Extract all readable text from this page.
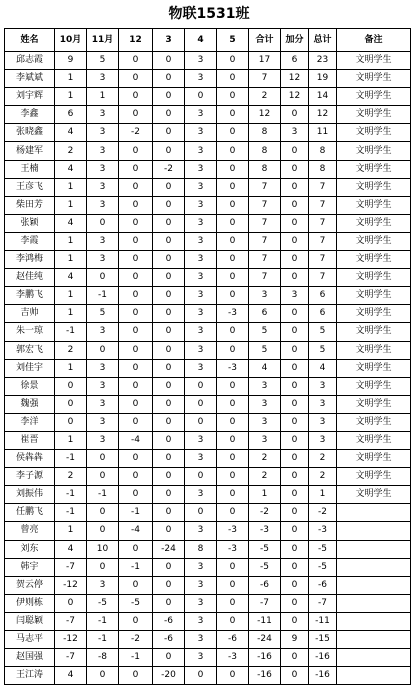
物联1531班
姓名	10月	11月	12	3	4	5	合计	加分	总计	备注
邱志霞	9	5	0	0	3	0	17	6	23	文明学生
李斌斌	1	3	0	0	3	0	7	12	19	文明学生
刘宇辉	1	1	0	0	0	0	2	12	14	文明学生
李鑫	6	3	0	0	3	0	12	0	12	文明学生
张晓鑫	4	3	-2	0	3	0	8	3	11	文明学生
杨建军	2	3	0	0	3	0	8	0	8	文明学生
王楠	4	3	0	-2	3	0	8	0	8	文明学生
王彦飞	1	3	0	0	3	0	7	0	7	文明学生
柴田芳	1	3	0	0	3	0	7	0	7	文明学生
张颖	4	0	0	0	3	0	7	0	7	文明学生
李霞	1	3	0	0	3	0	7	0	7	文明学生
李鸿梅	1	3	0	0	3	0	7	0	7	文明学生
赵佳纯	4	0	0	0	3	0	7	0	7	文明学生
李鹏飞	1	-1	0	0	3	0	3	3	6	文明学生
吉帅	1	5	0	0	3	-3	6	0	6	文明学生
朱一琼	-1	3	0	0	3	0	5	0	5	文明学生
郭宏飞	2	0	0	0	3	0	5	0	5	文明学生
刘佳宇	1	3	0	0	3	-3	4	0	4	文明学生
徐景	0	3	0	0	0	0	3	0	3	文明学生
魏强	0	3	0	0	0	0	3	0	3	文明学生
李洋	0	3	0	0	0	0	3	0	3	文明学生
崔晋	1	3	-4	0	3	0	3	0	3	文明学生
侯犇犇	-1	0	0	0	3	0	2	0	2	文明学生
李子源	2	0	0	0	0	0	2	0	2	文明学生
刘振伟	-1	-1	0	0	3	0	1	0	1	文明学生
任鹏飞	-1	0	-1	0	0	0	-2	0	-2	
曾亮	1	0	-4	0	3	-3	-3	0	-3	
刘东	4	10	0	-24	8	-3	-5	0	-5	
韩宇	-7	0	-1	0	3	0	-5	0	-5	
贺云停	-12	3	0	0	3	0	-6	0	-6	
伊则栋	0	-5	-5	0	3	0	-7	0	-7	
闫聪颖	-7	-1	0	-6	3	0	-11	0	-11	
马志平	-12	-1	-2	-6	3	-6	-24	9	-15	
赵国强	-7	-8	-1	0	3	-3	-16	0	-16	
王江涛	4	0	0	-20	0	0	-16	0	-16	
